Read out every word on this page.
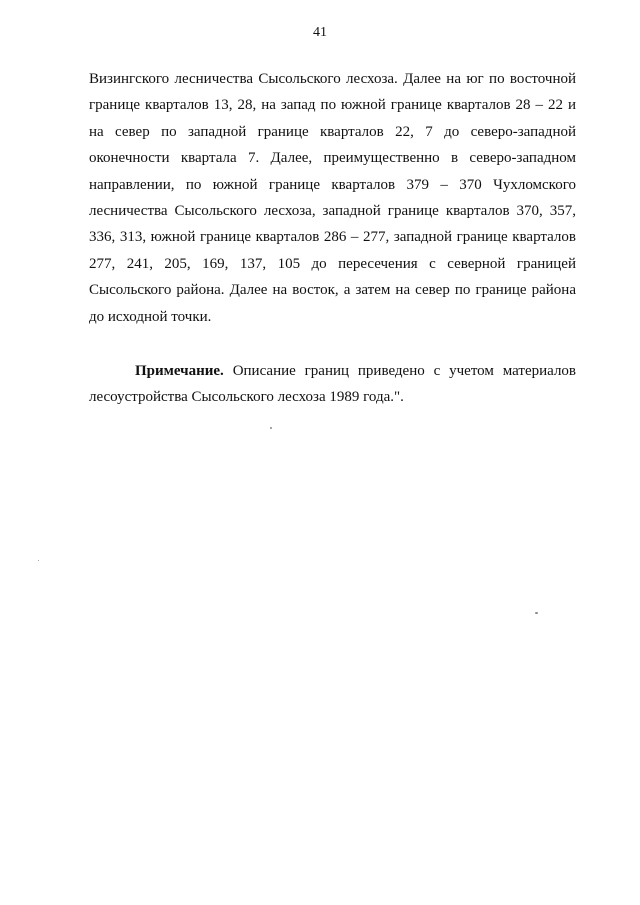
41
Визингского лесничества Сысольского лесхоза. Далее на юг по восточной
границе кварталов 13, 28, на запад по южной границе кварталов 28 – 22 и
на север по западной границе кварталов 22, 7 до северо-западной
оконечности квартала 7. Далее, преимущественно в северо-западном
направлении, по южной границе кварталов 379 – 370 Чухломского
лесничества Сысольского лесхоза, западной границе кварталов 370, 357,
336, 313, южной границе кварталов 286 – 277, западной границе кварталов
277, 241, 205, 169, 137, 105 до пересечения с северной границей
Сысольского района. Далее на восток, а затем на север по границе района
до исходной точки.
Примечание. Описание границ приведено с учетом материалов
лесоустройства Сысольского лесхоза 1989 года.".
